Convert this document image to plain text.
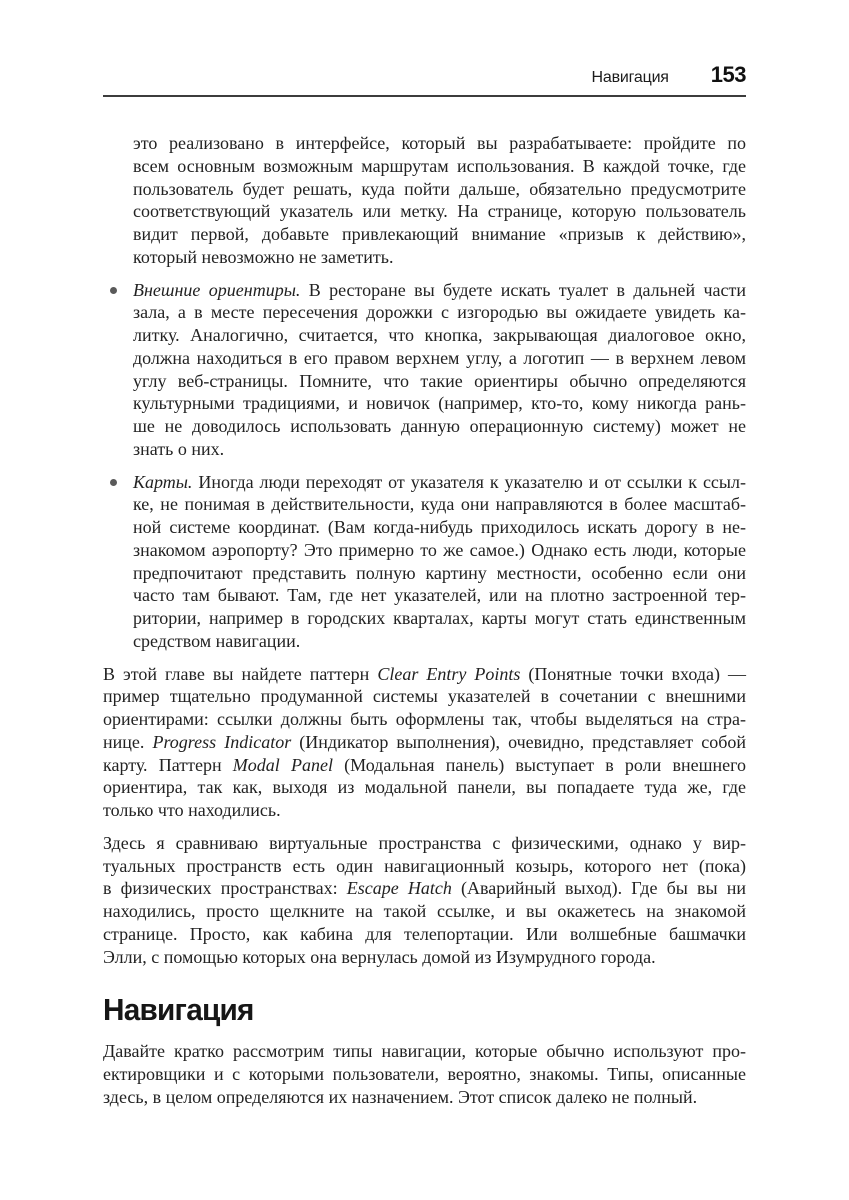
Навигация 153
это реализовано в интерфейсе, который вы разрабатываете: пройдите по
всем основным возможным маршрутам использования. В каждой точке, где
пользователь будет решать, куда пойти дальше, обязательно предусмотрите
соответствующий указатель или метку. На странице, которую пользователь
видит первой, добавьте привлекающий внимание «призыв к действию»,
который невозможно не заметить.
Внешние ориентиры. В ресторане вы будете искать туалет в дальней части
зала, а в месте пересечения дорожки с изгородью вы ожидаете увидеть ка-
литку. Аналогично, считается, что кнопка, закрывающая диалоговое окно,
должна находиться в его правом верхнем углу, а логотип — в верхнем левом
углу веб-страницы. Помните, что такие ориентиры обычно определяются
культурными традициями, и новичок (например, кто-то, кому никогда рань-
ше не доводилось использовать данную операционную систему) может не
знать о них.
Карты. Иногда люди переходят от указателя к указателю и от ссылки к ссыл-
ке, не понимая в действительности, куда они направляются в более масштаб-
ной системе координат. (Вам когда-нибудь приходилось искать дорогу в не-
знакомом аэропорту? Это примерно то же самое.) Однако есть люди, которые
предпочитают представить полную картину местности, особенно если они
часто там бывают. Там, где нет указателей, или на плотно застроенной тер-
ритории, например в городских кварталах, карты могут стать единственным
средством навигации.
В этой главе вы найдете паттерн Clear Entry Points (Понятные точки входа) —
пример тщательно продуманной системы указателей в сочетании с внешними
ориентирами: ссылки должны быть оформлены так, чтобы выделяться на стра-
нице. Progress Indicator (Индикатор выполнения), очевидно, представляет собой
карту. Паттерн Modal Panel (Модальная панель) выступает в роли внешнего
ориентира, так как, выходя из модальной панели, вы попадаете туда же, где
только что находились.
Здесь я сравниваю виртуальные пространства с физическими, однако у вир-
туальных пространств есть один навигационный козырь, которого нет (пока)
в физических пространствах: Escape Hatch (Аварийный выход). Где бы вы ни
находились, просто щелкните на такой ссылке, и вы окажетесь на знакомой
странице. Просто, как кабина для телепортации. Или волшебные башмачки
Элли, с помощью которых она вернулась домой из Изумрудного города.
Навигация
Давайте кратко рассмотрим типы навигации, которые обычно используют про-
ектировщики и с которыми пользователи, вероятно, знакомы. Типы, описанные
здесь, в целом определяются их назначением. Этот список далеко не полный.
